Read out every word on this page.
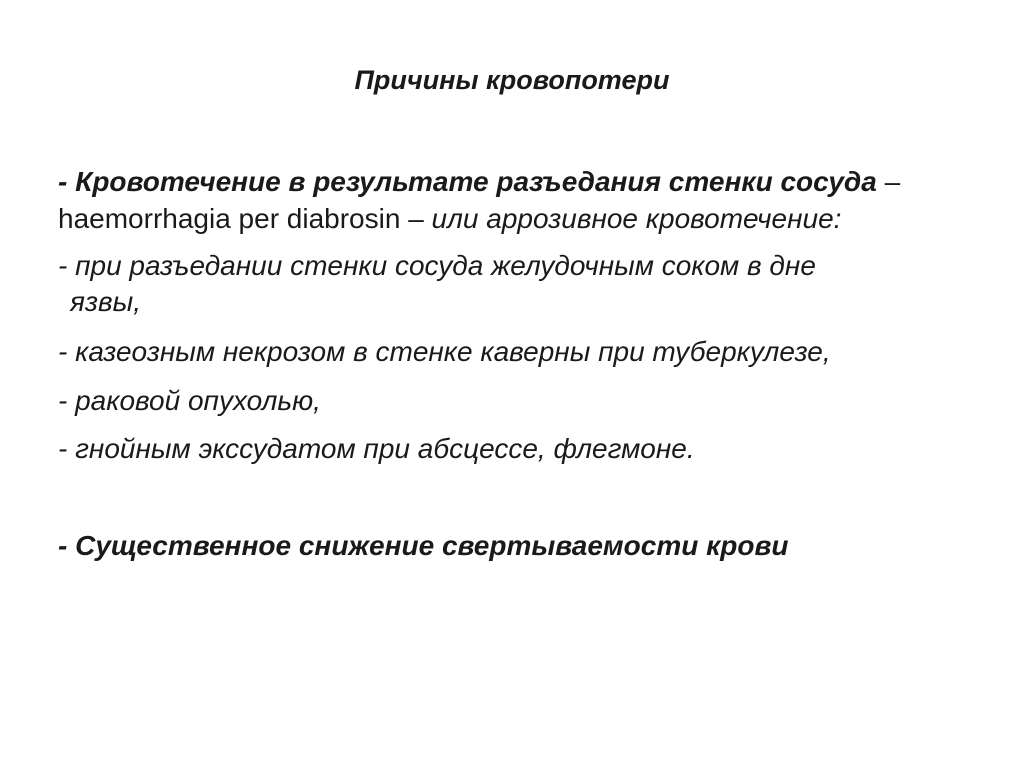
Причины кровопотери
- Кровотечение в результате разъедания стенки сосуда –
haemorrhagia per diabrosin – или аррозивное кровотечение:
- при разъедании стенки сосуда желудочным соком в дне
язвы,
- казеозным некрозом в стенке каверны при туберкулезе,
- раковой опухолью,
- гнойным экссудатом при абсцессе, флегмоне.
- Существенное снижение свертываемости крови
